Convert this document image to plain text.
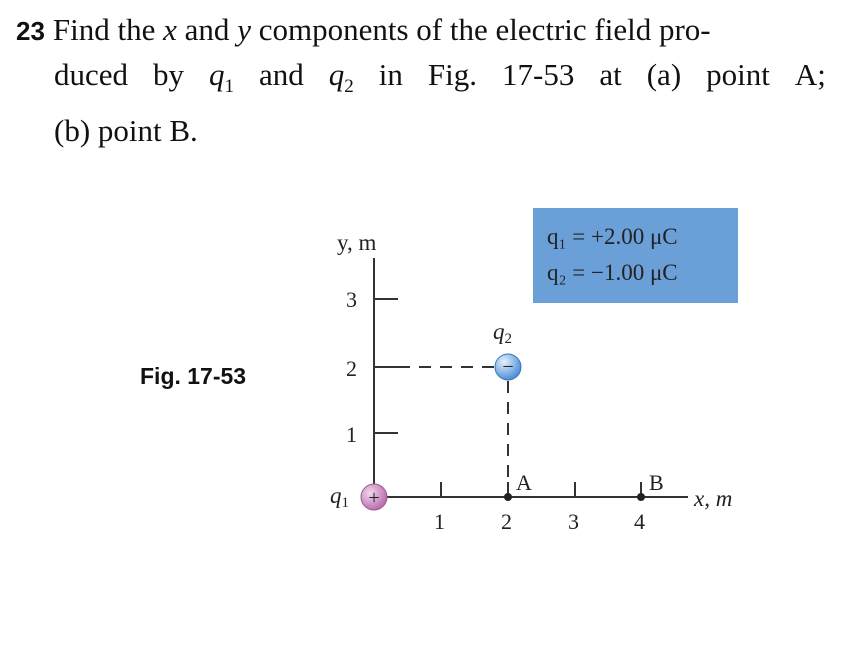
23 Find the x and y components of the electric field pro-
duced by $q_1$ and $q_2$ in Fig. 17-53 at (a) point A;
(b) point B.
Fig. 17-53
q₁ = +2.00 μC
q₂ = −1.00 μC
y, m
x, m
3
2
1
1	2	3	4
A	B
+
q1
−
q2
